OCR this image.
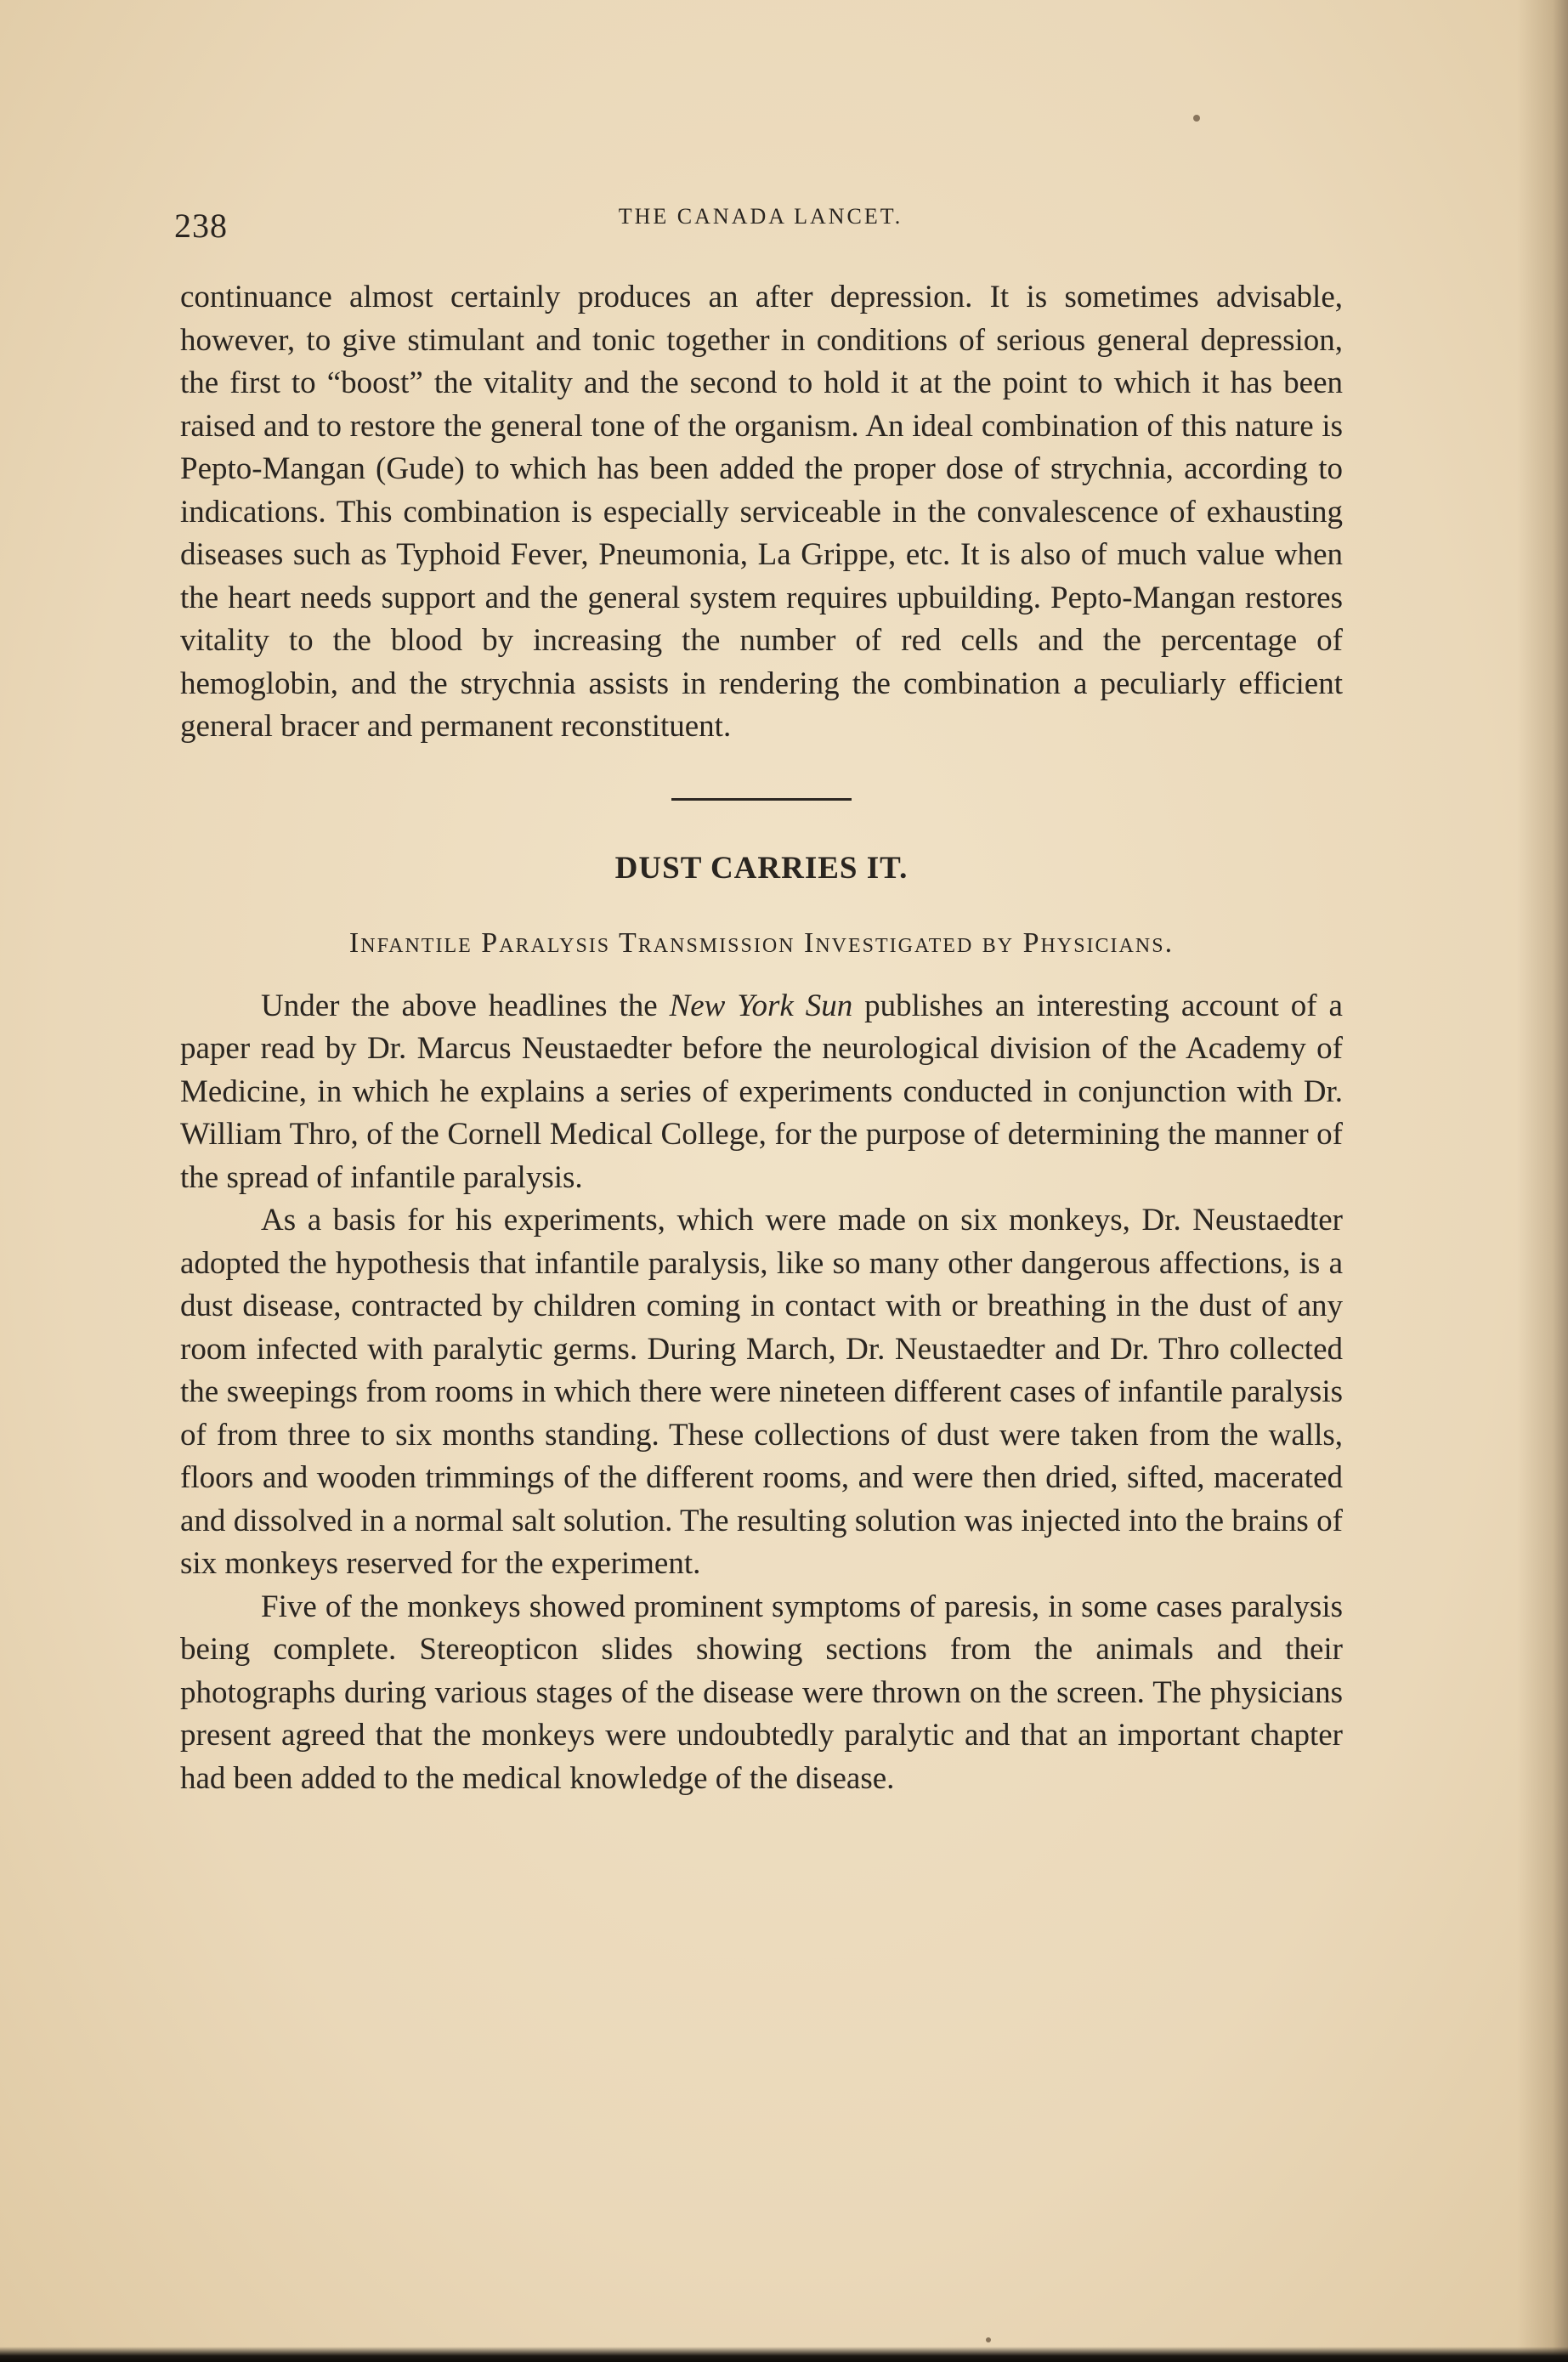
238	THE CANADA LANCET.

continuance almost certainly produces an after depression. It is sometimes advisable, however, to give stimulant and tonic together in conditions of serious general depression, the first to “boost” the vitality and the second to hold it at the point to which it has been raised and to restore the general tone of the organism. An ideal combination of this nature is Pepto-Mangan (Gude) to which has been added the proper dose of strychnia, according to indications. This combination is especially serviceable in the convalescence of exhausting diseases such as Typhoid Fever, Pneumonia, La Grippe, etc. It is also of much value when the heart needs support and the general system requires upbuilding. Pepto-Mangan restores vitality to the blood by increasing the number of red cells and the percentage of hemoglobin, and the strychnia assists in rendering the combination a peculiarly efficient general bracer and permanent reconstituent.

DUST CARRIES IT.
Infantile Paralysis Transmission Investigated by Physicians.

Under the above headlines the New York Sun publishes an interesting account of a paper read by Dr. Marcus Neustaedter before the neurological division of the Academy of Medicine, in which he explains a series of experiments conducted in conjunction with Dr. William Thro, of the Cornell Medical College, for the purpose of determining the manner of the spread of infantile paralysis.

As a basis for his experiments, which were made on six monkeys, Dr. Neustaedter adopted the hypothesis that infantile paralysis, like so many other dangerous affections, is a dust disease, contracted by children coming in contact with or breathing in the dust of any room infected with paralytic germs. During March, Dr. Neustaedter and Dr. Thro collected the sweepings from rooms in which there were nineteen different cases of infantile paralysis of from three to six months standing. These collections of dust were taken from the walls, floors and wooden trimmings of the different rooms, and were then dried, sifted, macerated and dissolved in a normal salt solution. The resulting solution was injected into the brains of six monkeys reserved for the experiment.

Five of the monkeys showed prominent symptoms of paresis, in some cases paralysis being complete. Stereopticon slides showing sections from the animals and their photographs during various stages of the disease were thrown on the screen. The physicians present agreed that the monkeys were undoubtedly paralytic and that an important chapter had been added to the medical knowledge of the disease.
